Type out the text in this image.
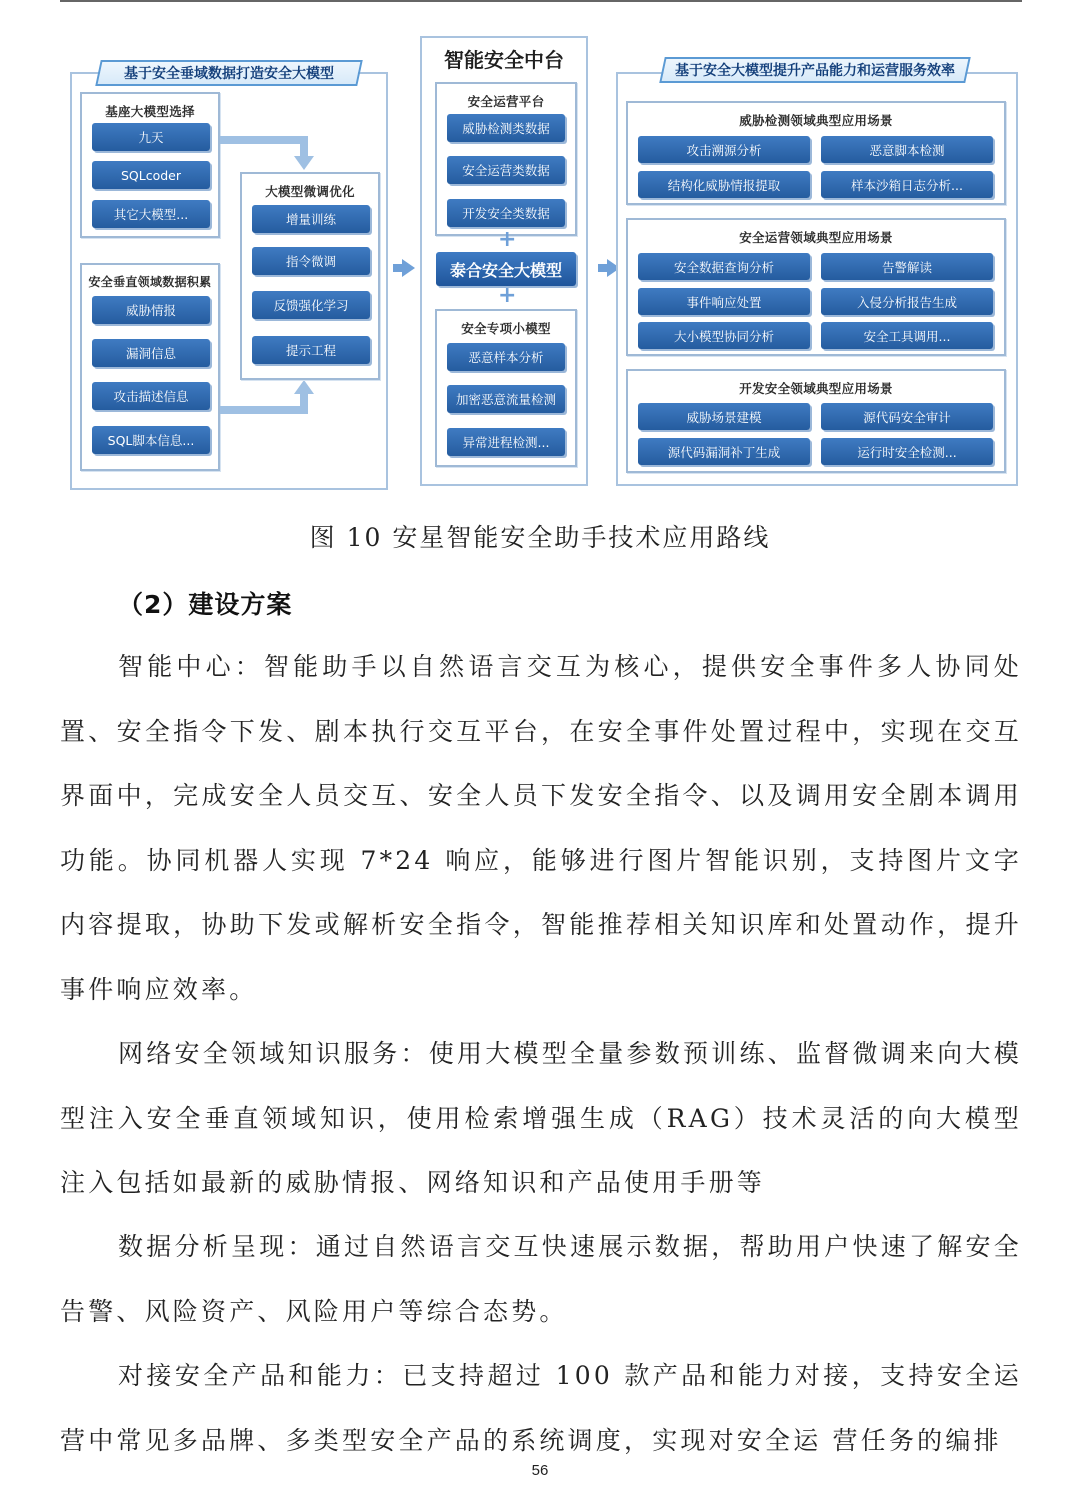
基于安全垂域数据打造安全大模型
基座大模型选择
九天
SQLcoder
其它大模型...
安全垂直领域数据积累
威胁情报
漏洞信息
攻击描述信息
SQL脚本信息...
大模型微调优化
增量训练
指令微调
反馈强化学习
提示工程
智能安全中台
安全运营平台
威胁检测类数据
安全运营类数据
开发安全类数据
+
泰合安全大模型
+
安全专项小模型
恶意样本分析
加密恶意流量检测
异常进程检测...
基于安全大模型提升产品能力和运营服务效率
威胁检测领域典型应用场景
攻击溯源分析	恶意脚本检测
结构化威胁情报提取	样本沙箱日志分析...
安全运营领域典型应用场景
安全数据查询分析	告警解读
事件响应处置	入侵分析报告生成
大小模型协同分析	安全工具调用...
开发安全领域典型应用场景
威胁场景建模	源代码安全审计
源代码漏洞补丁生成	运行时安全检测...
图 10 安星智能安全助手技术应用路线
（2）建设方案

智能中心：智能助手以自然语言交互为核心，提供安全事件多人协同处置、安全指令下发、剧本执行交互平台，在安全事件处置过程中，实现在交互界面中，完成安全人员交互、安全人员下发安全指令、以及调用安全剧本调用功能。协同机器人实现 7*24 响应，能够进行图片智能识别，支持图片文字内容提取，协助下发或解析安全指令，智能推荐相关知识库和处置动作，提升事件响应效率。

网络安全领域知识服务：使用大模型全量参数预训练、监督微调来向大模型注入安全垂直领域知识，使用检索增强生成（RAG）技术灵活的向大模型注入包括如最新的威胁情报、网络知识和产品使用手册等

数据分析呈现：通过自然语言交互快速展示数据，帮助用户快速了解安全告警、风险资产、风险用户等综合态势。

对接安全产品和能力：已支持超过 100 款产品和能力对接，支持安全运营中常见多品牌、多类型安全产品的系统调度，实现对安全运 营任务的编排

56
